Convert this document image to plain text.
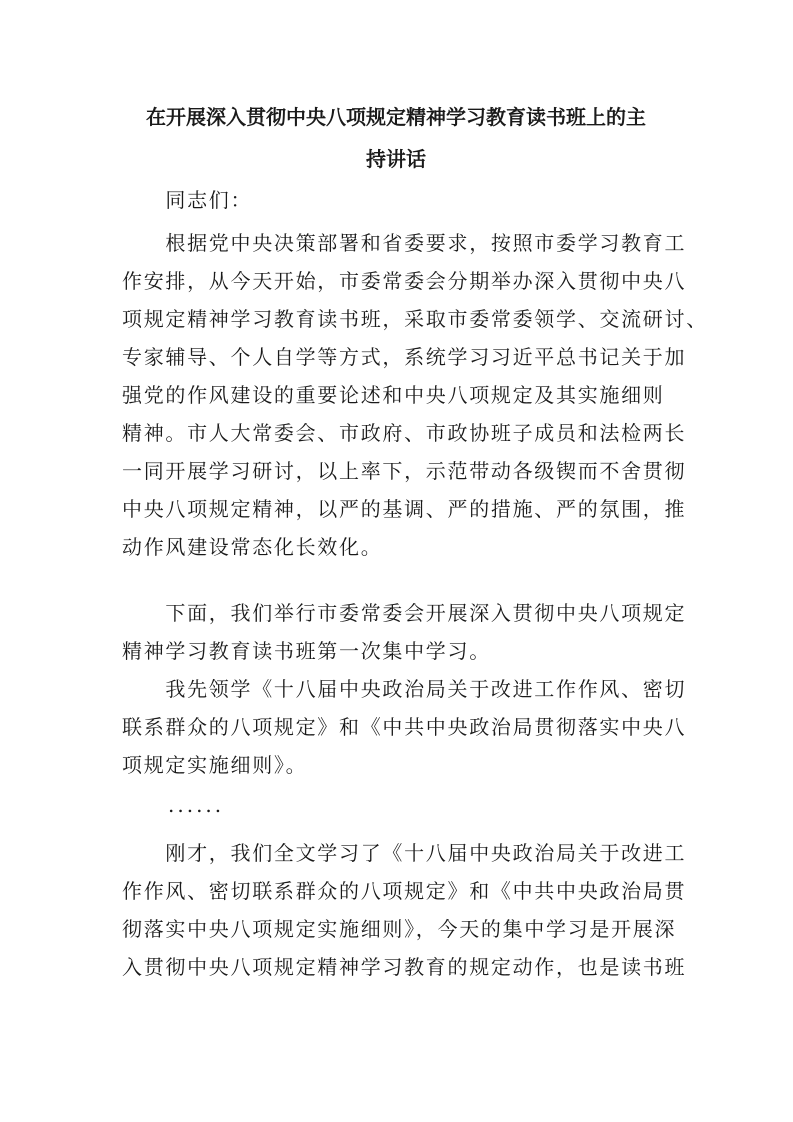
在开展深入贯彻中央八项规定精神学习教育读书班上的主
持讲话
　　同志们：
　　根据党中央决策部署和省委要求，按照市委学习教育工
作安排，从今天开始，市委常委会分期举办深入贯彻中央八
项规定精神学习教育读书班，采取市委常委领学、交流研讨、
专家辅导、个人自学等方式，系统学习习近平总书记关于加
强党的作风建设的重要论述和中央八项规定及其实施细则
精神。市人大常委会、市政府、市政协班子成员和法检两长
一同开展学习研讨，以上率下，示范带动各级锲而不舍贯彻
中央八项规定精神，以严的基调、严的措施、严的氛围，推
动作风建设常态化长效化。
　　下面，我们举行市委常委会开展深入贯彻中央八项规定
精神学习教育读书班第一次集中学习。
　　我先领学《十八届中央政治局关于改进工作作风、密切
联系群众的八项规定》和《中共中央政治局贯彻落实中央八
项规定实施细则》。
　　......
　　刚才，我们全文学习了《十八届中央政治局关于改进工
作作风、密切联系群众的八项规定》和《中共中央政治局贯
彻落实中央八项规定实施细则》，今天的集中学习是开展深
入贯彻中央八项规定精神学习教育的规定动作，也是读书班
